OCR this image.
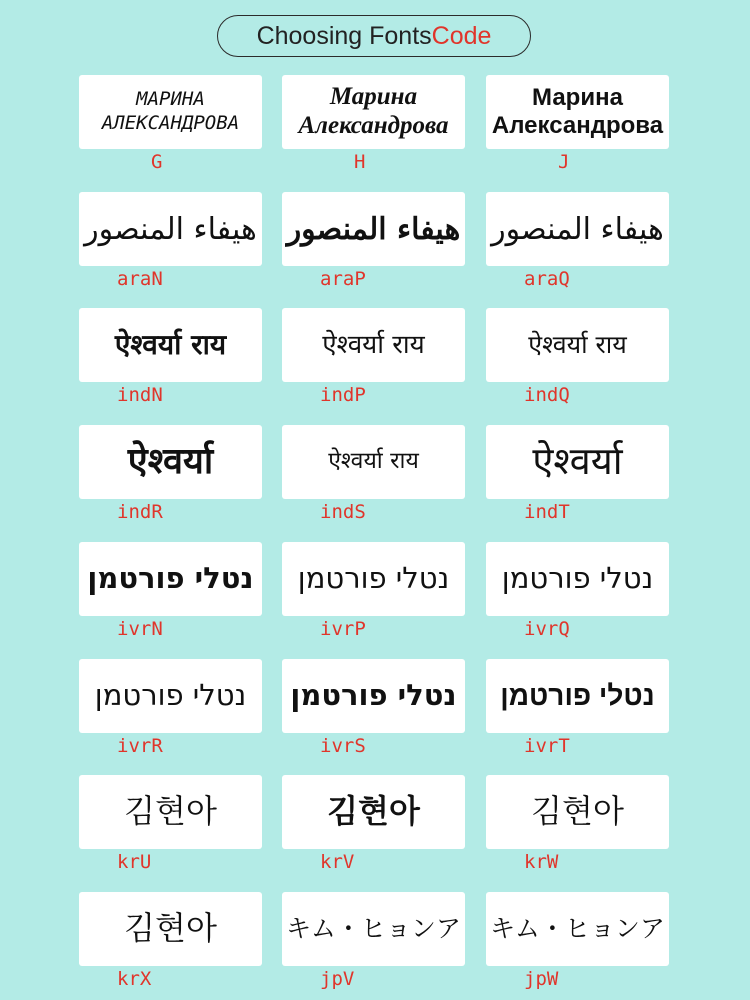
Choosing Fonts Code
МАРИНА
АЛЕКСАНДРОВА
G
Марина
Александрова
H
Марина
Александрова
J
هيفاء المنصور
araN
هيفاء المنصور
araP
هيفاء المنصور
araQ
ऐश्वर्या राय
indN
ऐश्वर्या राय
indP
ऐश्वर्या राय
indQ
ऐश्वर्या
indR
ऐश्वर्या राय
indS
ऐश्वर्या
indT
נטלי פורטמן
ivrN
נטלי פורטמן
ivrP
נטלי פורטמן
ivrQ
נטלי פורטמן
ivrR
נטלי פורטמן
ivrS
נטלי פורטמן
ivrT
김현아
krU
김현아
krV
김현아
krW
김현아
krX
キム・ヒョンア
jpV
キム・ヒョンア
jpW
